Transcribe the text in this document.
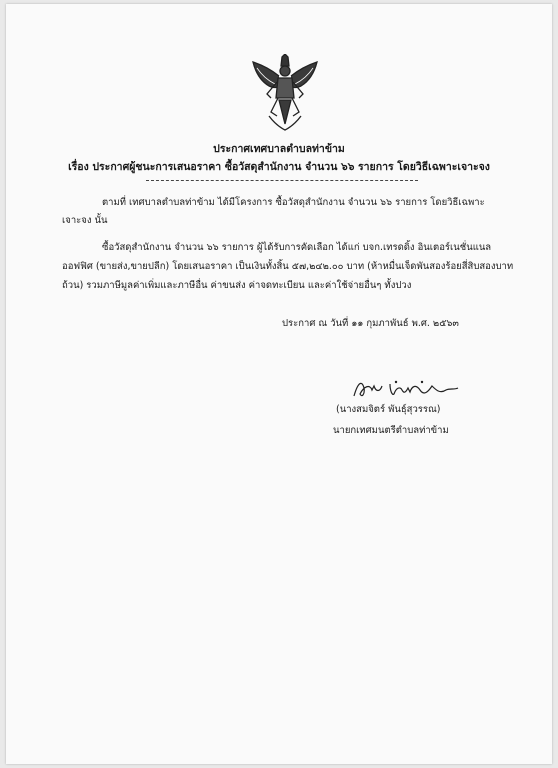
ประกาศเทศบาลตำบลท่าข้าม
เรื่อง ประกาศผู้ชนะการเสนอราคา ซื้อวัสดุสำนักงาน จำนวน ๖๖ รายการ โดยวิธีเฉพาะเจาะจง
ตามที่ เทศบาลตำบลท่าข้าม ได้มีโครงการ ซื้อวัสดุสำนักงาน จำนวน ๖๖ รายการ โดยวิธีเฉพาะ
เจาะจง นั้น
ซื้อวัสดุสำนักงาน จำนวน ๖๖ รายการ ผู้ได้รับการคัดเลือก ได้แก่ บจก.เทรดดิ้ง อินเตอร์เนชั่นแนล
ออฟฟิศ (ขายส่ง,ขายปลีก) โดยเสนอราคา เป็นเงินทั้งสิ้น ๕๗,๒๔๒.๐๐ บาท (ห้าหมื่นเจ็ดพันสองร้อยสี่สิบสองบาท
ถ้วน) รวมภาษีมูลค่าเพิ่มและภาษีอื่น ค่าขนส่ง ค่าจดทะเบียน และค่าใช้จ่ายอื่นๆ ทั้งปวง
ประกาศ ณ วันที่ ๑๑ กุมภาพันธ์ พ.ศ. ๒๕๖๓
(นางสมจิตร์ พันธุ์สุวรรณ)
นายกเทศมนตรีตำบลท่าข้าม
